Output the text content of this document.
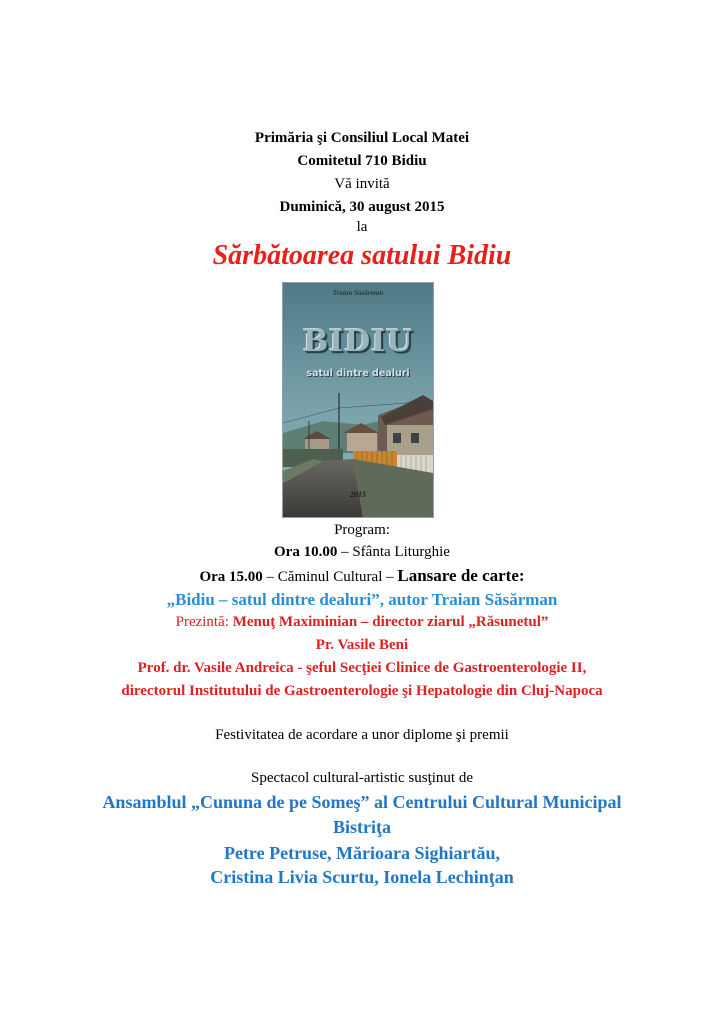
Primăria şi Consiliul Local Matei
Comitetul 710 Bidiu
Vă invită
Duminică, 30 august 2015
la
Sărbătoarea satului Bidiu
Traian Săsărman
BIDIU
satul dintre dealuri
2015
Program:
Ora 10.00 – Sfânta Liturghie
Ora 15.00 – Căminul Cultural – Lansare de carte:
„Bidiu – satul dintre dealuri”, autor Traian Săsărman
Prezintă: Menuţ Maximinian – director ziarul „Răsunetul”
Pr. Vasile Beni
Prof. dr. Vasile Andreica - şeful Secţiei Clinice de Gastroenterologie II,
directorul Institutului de Gastroenterologie şi Hepatologie din Cluj-Napoca
Festivitatea de acordare a unor diplome şi premii
Spectacol cultural-artistic susţinut de
Ansamblul „Cununa de pe Someş” al Centrului Cultural Municipal
Bistriţa
Petre Petruse, Mărioara Sighiartău,
Cristina Livia Scurtu, Ionela Lechinţan
